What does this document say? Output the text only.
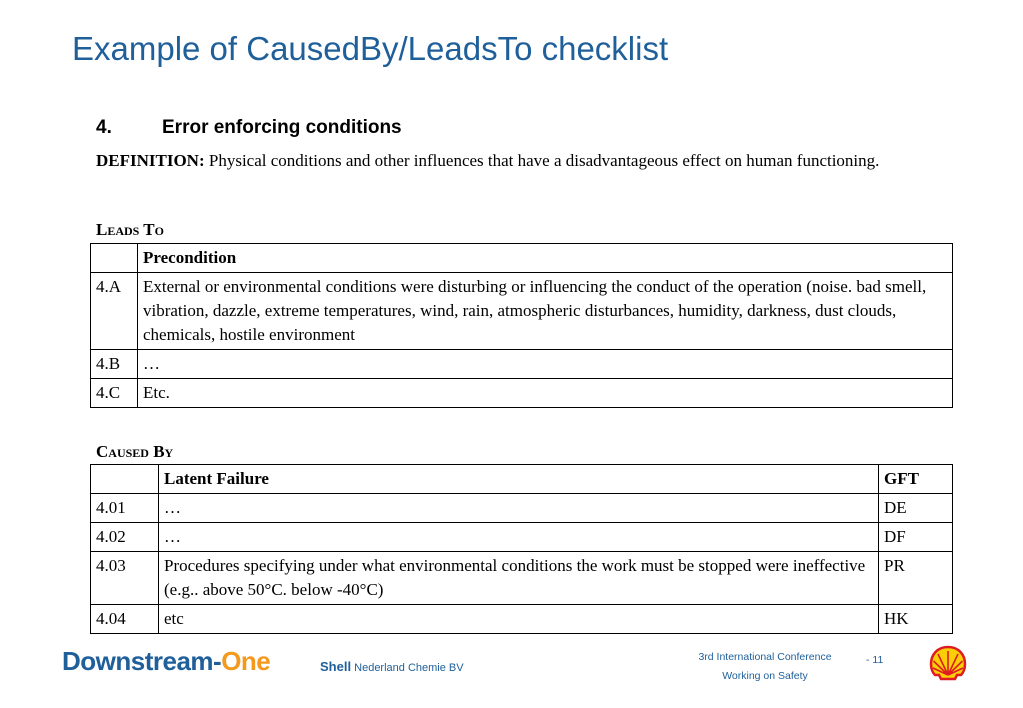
Example of CausedBy/LeadsTo checklist
4.	Error enforcing conditions
DEFINITION: Physical conditions and other influences that have a disadvantageous effect on human functioning.
Leads To
	Precondition
4.A	External or environmental conditions were disturbing or influencing the conduct of the operation (noise. bad smell, vibration, dazzle, extreme temperatures, wind, rain, atmospheric disturbances, humidity, darkness, dust clouds, chemicals, hostile environment
4.B	…
4.C	Etc.
Caused By
	Latent Failure	GFT
4.01	…	DE
4.02	…	DF
4.03	Procedures specifying under what environmental conditions the work must be stopped were ineffective (e.g.. above 50°C. below -40°C)	PR
4.04	etc	HK
Downstream-One	Shell Nederland Chemie BV
3rd International Conference
Working on Safety
- 11
